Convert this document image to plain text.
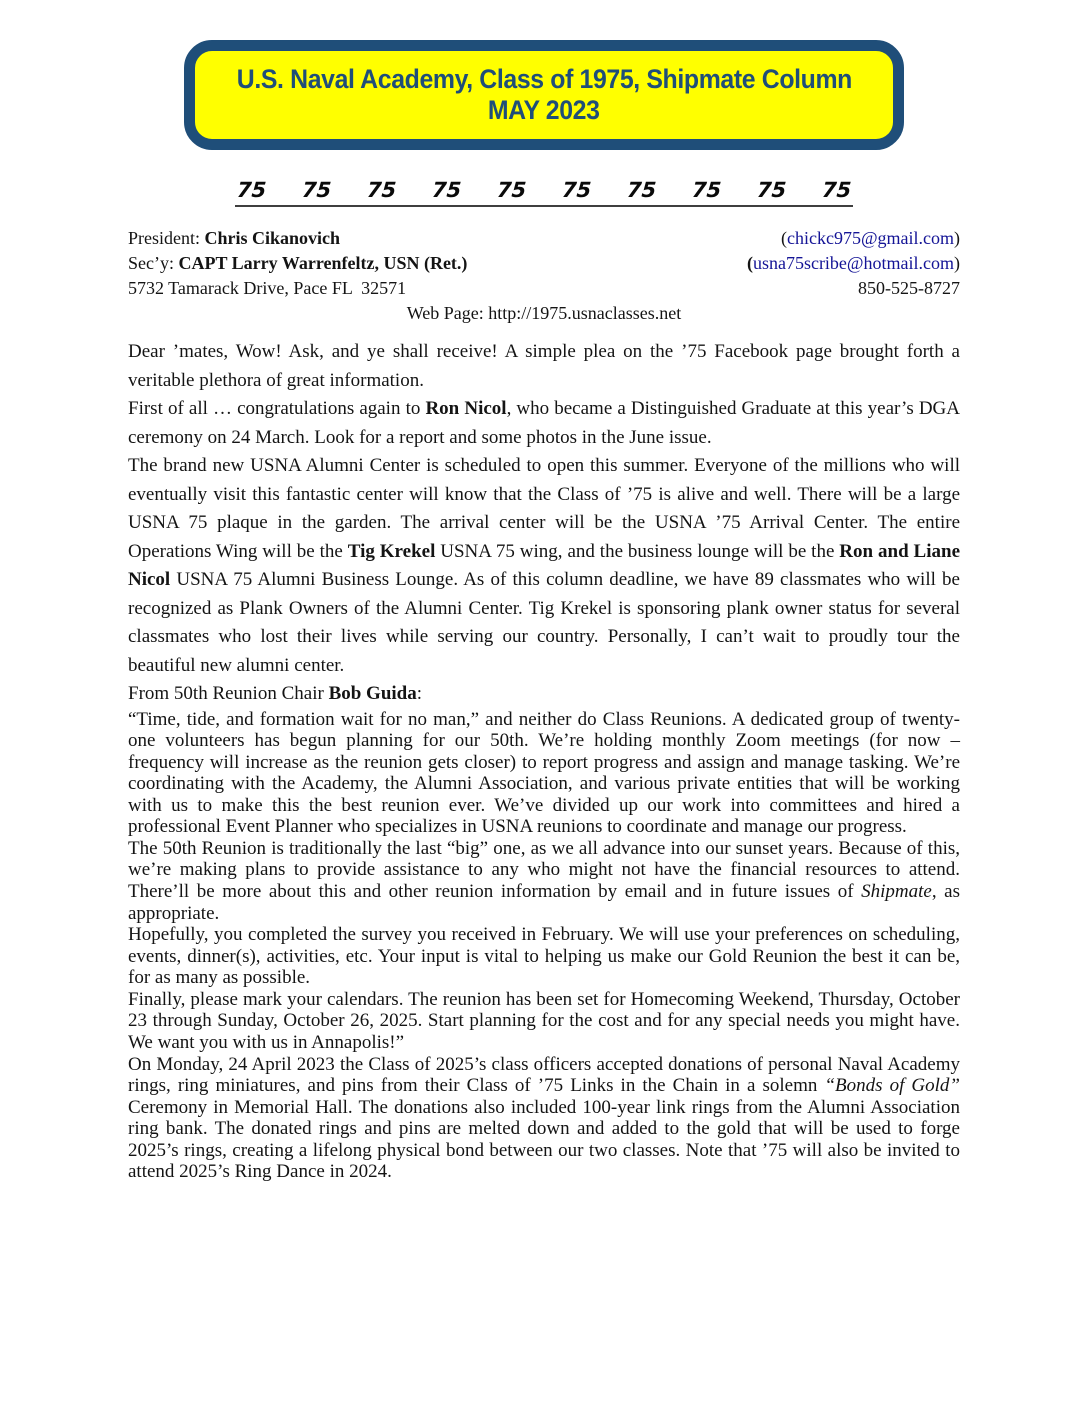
U.S. Naval Academy, Class of 1975, Shipmate Column
MAY 2023
75 75 75 75 75 75 75 75 75 75
President: Chris Cikanovich	(chickc975@gmail.com)
Sec’y: CAPT Larry Warrenfeltz, USN (Ret.)	(usna75scribe@hotmail.com)
5732 Tamarack Drive, Pace FL  32571	850-525-8727
Web Page: http://1975.usnaclasses.net

Dear ’mates, Wow! Ask, and ye shall receive! A simple plea on the ’75 Facebook page brought forth a veritable plethora of great information.

First of all … congratulations again to Ron Nicol, who became a Distinguished Graduate at this year’s DGA ceremony on 24 March. Look for a report and some photos in the June issue.

The brand new USNA Alumni Center is scheduled to open this summer. Everyone of the millions who will eventually visit this fantastic center will know that the Class of ’75 is alive and well. There will be a large USNA 75 plaque in the garden. The arrival center will be the USNA ’75 Arrival Center. The entire Operations Wing will be the Tig Krekel USNA 75 wing, and the business lounge will be the Ron and Liane Nicol USNA 75 Alumni Business Lounge. As of this column deadline, we have 89 classmates who will be recognized as Plank Owners of the Alumni Center. Tig Krekel is sponsoring plank owner status for several classmates who lost their lives while serving our country. Personally, I can’t wait to proudly tour the beautiful new alumni center.

From 50th Reunion Chair Bob Guida:

“Time, tide, and formation wait for no man,” and neither do Class Reunions. A dedicated group of twenty-one volunteers has begun planning for our 50th. We’re holding monthly Zoom meetings (for now – frequency will increase as the reunion gets closer) to report progress and assign and manage tasking. We’re coordinating with the Academy, the Alumni Association, and various private entities that will be working with us to make this the best reunion ever. We’ve divided up our work into committees and hired a professional Event Planner who specializes in USNA reunions to coordinate and manage our progress.

The 50th Reunion is traditionally the last “big” one, as we all advance into our sunset years. Because of this, we’re making plans to provide assistance to any who might not have the financial resources to attend. There’ll be more about this and other reunion information by email and in future issues of Shipmate, as appropriate.

Hopefully, you completed the survey you received in February. We will use your preferences on scheduling, events, dinner(s), activities, etc. Your input is vital to helping us make our Gold Reunion the best it can be, for as many as possible.

Finally, please mark your calendars. The reunion has been set for Homecoming Weekend, Thursday, October 23 through Sunday, October 26, 2025. Start planning for the cost and for any special needs you might have. We want you with us in Annapolis!”

On Monday, 24 April 2023 the Class of 2025’s class officers accepted donations of personal Naval Academy rings, ring miniatures, and pins from their Class of ’75 Links in the Chain in a solemn “Bonds of Gold” Ceremony in Memorial Hall. The donations also included 100-year link rings from the Alumni Association ring bank. The donated rings and pins are melted down and added to the gold that will be used to forge 2025’s rings, creating a lifelong physical bond between our two classes. Note that ’75 will also be invited to attend 2025’s Ring Dance in 2024.
